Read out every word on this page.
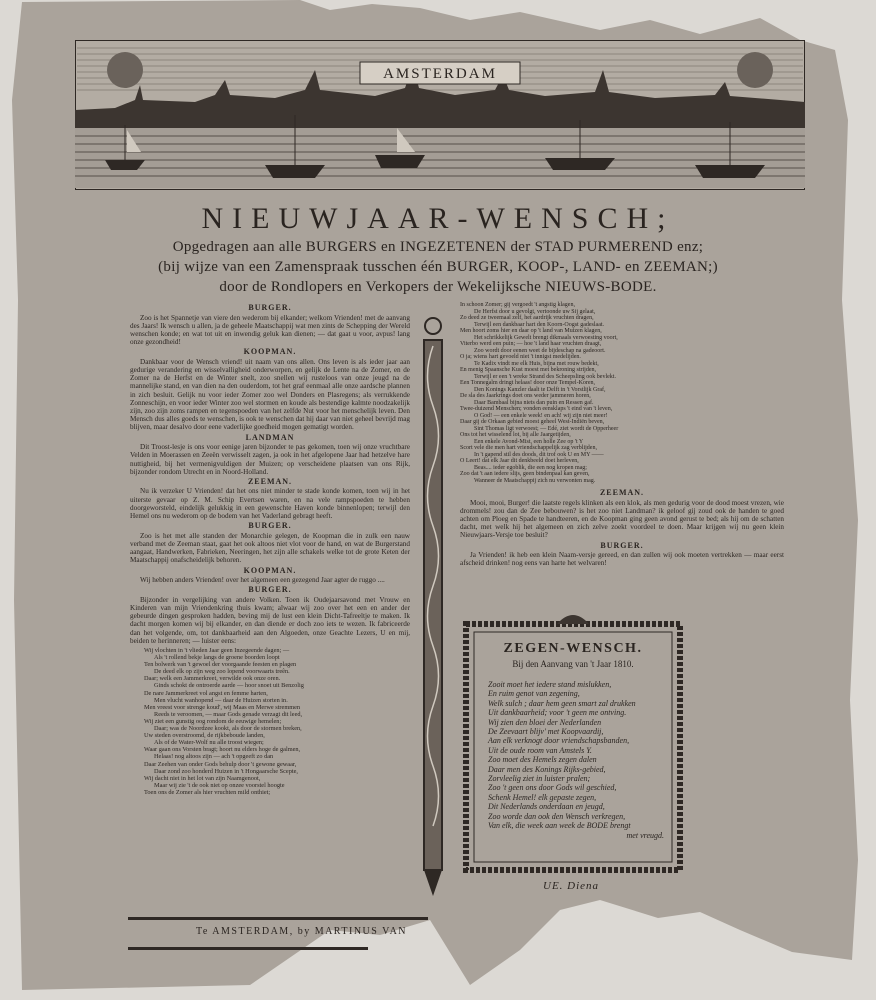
AMSTERDAM
NIEUWJAAR-WENSCH;
Opgedragen aan alle BURGERS en INGEZETENEN der STAD PURMEREND enz;
(bij wijze van een Zamenspraak tusschen één BURGER, KOOP-, LAND- en ZEEMAN;)
door de Rondlopers en Verkopers der Wekelijksche NIEUWS-BODE.
BURGER.

Zoo is het Spannetje van viere den wederom bij elkander; welkom Vrienden! met de aanvang des Jaars! Ik wensch u allen, ja de geheele Maatschappij wat men zints de Schepping der Wereld wenschen konde; en wat tot uit en inwendig geluk kan dienen; — dat gaat u voor, avpus! lang onze gezondheid!

KOOPMAN.

Dankbaar voor de Wensch vriend! uit naam van ons allen. Ons leven is als ieder jaar aan gedurige verandering en wisselvalligheid onderworpen, en gelijk de Lente na de Zomer, en de Zomer na de Herfst en de Winter snelt, zoo snellen wij rusteloos van onze jeugd na de mannelijke stand, en van dien na den ouderdom, tot het graf eenmaal alle onze aardsche plannen in zich besluit. Gelijk nu voor ieder Zomer zoo wel Donders en Plasregens; als verrukkende Zonneschijn, en voor ieder Winter zoo wel stormen en koude als bestendige kalmte noodzakelijk zijn, zoo zijn zoms rampen en tegenspoeden van het zelfde Nut voor het menschelijk leven. Den Mensch dus alles goeds te wenschen, is ook te wenschen dat hij daar van niet geheel bevrijd mag blijven, maar desalvo door eene vaderlijke goedheid mogen gematigt worden.

LANDMAN

Dit Troost-lesje is ons voor eenige jaren bijzonder te pas gekomen, toen wij onze vruchtbare Velden in Moerassen en Zeeën verwisselt zagen, ja ook in het afgelopene Jaar had hetzelve hare nuttigheid, bij het vermenigvuldigen der Muizen; op verscheidene plaatsen van ons Rijk, bijzonder rondom Utrecht en in Noord-Holland.

ZEEMAN.

Nu ik verzeker U Vrienden! dat het ons niet minder te stade konde komen, toen wij in het uiterste gevaar op Z. M. Schip Evertsen waren, en na vele rampspoeden te hebben doorgeworsteld, eindelijk gelukkig in een gewenschte Haven konde binnenlopen; terwijl den Hemel ons nu wederom op de bodem van het Vaderland gebragt heeft.

BURGER.

Zoo is het met alle standen der Monarchie gelegen, de Koopman die in zulk een nauw verband met de Zeeman staat, gaat het ook altoos niet vlot voor de hand, en wat de Burgerstand aangaat, Handwerken, Fabrieken, Neeringen, het zijn alle schakels welke tot de grote Keten der Maatschappij onafscheidelijk behoren.

KOOPMAN.

Wij hebben anders Vrienden! over het algemeen een gezegend Jaar agter de ruggo ....

BURGER.

Bijzonder in vergelijking van andere Volken. Toen ik Oudejaarsavond met Vrouw en Kinderen van mijn Vriendenkring thuis kwam; alwaar wij zoo over het een en ander der gebeurde dingen gesproken hadden, beving mij de lust een klein Dicht-Tafreeltje te maken. Ik dacht morgen komen wij bij elkander, en dan diende er doch zoo iets te wezen. Ik fabriceerde dan het volgende, om, tot dankbaarheid aan den Algoeden, onze Geachte Lezers, U en mij, beiden te herinneren; — luister eens:

Wij vlochten in 't vlieden Jaar geen Inzegeende dagen; —
Als 't rollend bekje langs de groene boorden loopt
Ten bolwerk van 't gewoel der voorgaande feesten en plagen
De deed elk op zijn weg zoo lopend voorwaarts treên.
Daar; welk een Jammerkreet, verwilde ook onze oren.
Ginds schokt de ontroerde aarde — hoor snoet uit Benzolig
De nare Jammerkreet vol angst en femme harten,
Men vlucht wanhopend — daar de Huizen storten in.
Men vreest voor strenge koud', wij Maas en Merwe stremmen
Reeds te veroomen, — maar Gods genade verzagt dit leed,
Wij ziet een gunstig oog rondom de eeuwige hemelen;
Daar; was de Noordzee kookt, als door de stormen breken,
Uw steden overstroomd, de rijkbeboude landen,
Als of de Water-Wolf nu alle troost wiegen;
Waar gaan ons Vorsten bragt; hoort nu elders hoge de galmen,
Helaas! nog altoos zijn — ach 't opgeeft zo dan
Daar Zeehen van onder Gods behulp door 't gewone gewaar,
Daar zond zoo honderd Huizen in 't Hongaarsche Scepte,
Wij dacht niet in het lot van zijn Naamgenoot,
Maar wij zie 't de ook niet op onzee voorstel hoogte
Toen ons de Zomer als hier vruchten mild onthiet;
In schoon Zomer; gij vergoedt 't angstig klagen,
De Herfst door u gevolgt, vertoonde uw Sij gelaat,
Zo deed ze tweemaal zelf, het aardrijk vruchten dragen,
Terwijl een dankbaar hart den Koorn-Oogst gadeslaat.
Men hoort zoms hier en daar op 't land van Muizen klagen,
Het schrikkelijk Gewelt brengt dikmaals verwoesting voort,
Viterbo werd een puin; — hoe 't land haar vruchten draagt,
Zoo wordt door eenen weet de bijdeschap na gadeoort.
O ja; wiens hart gevoeld niet 't innigst medelijden.
Te Kadix vindt me elk Huis, bijna met rouw bedekt,
En menig Spaansche Kust moest met bekroning strijden,
Terwijl er een 't wreke Strand des Scheepsling ook bevlekt.
Een Tonnegalm dringt helaas! door onze Tempel-Koren,
Den Konings Kanzler daalt te Delft in 't Vorstlijk Graf,
De sla des Jaarkrings doet ons weder jammeren horen,
Daar Bambaal bijna niets dan puin en Ressen gaf.
Twee-duizend Menschen; vonden eensklaps 't eind van 't leven,
O God! — een enkele week! en ach! wij zijn niet meer!
Daar gij de Orkaan gebied moest geheel West-Indiën beven,
Sint Thomas ligt verwoest; — Edé, ziet wordt de Opperheer
Ons tot het wisselend lot, bij alle Jaargetijden,
Een enkele Avond-Mist, een holle Zee op 't Y
Scort vele die men hart vriendschappelijk zag verblijden,
In 't gapend stil des doods, dit trof ook U en MY ——
O Leert! dat elk Jaar dit denkbeeld doet herleven,
Beas.... ieder egoblik, die een nog kropen mag;
Zoo dat 't aan iedere slijs, geen bindenpaal kan geven,
Wanneer de Maatschappij zich nu verwonten mag.
ZEEMAN.

Mooi, mooi, Burger! die laatste regels klinken als een klok, als men gedurig voor de dood moest vrezen, wie drommels! zou dan de Zee bebouwen? is het zoo niet Landman? ik geloof gij zoud ook de handen te goed achten om Ploeg en Spade te handteeren, en de Koopman ging geen avond gerust te bed; als hij om de schatten dacht, met welk hij het algemeen en zich zelve zoekt voordeel te doen. Maar krijgen wij nu geen klein Nieuwjaars-Versje toe besluit?

BURGER.

Ja Vrienden! ik heb een klein Naam-versje gereed, en dan zullen wij ook moeten vertrekken — maar eerst afscheid drinken! nog eens van harte het welvaren!

ZEGEN-WENSCH.
Bij den Aanvang van 't Jaar 1810.
Zooit moet het iedere stand mislukken,
En ruim genot van zegening,
Welk sulch ; daar hem geen smart zal drukken
Uit dankbaarheid; voor 't geen me ontving.
Wij zien den bloei der Nederlanden
De Zeevaart blijv' met Koopvaardij,
Aan elk verknogt door vriendschapsbanden,
Uit de oude room van Amstels Y.
Zoo moet des Hemels zegen dalen
Daar men des Konings Rijks-gebied,
Zorvleelig ziet in luister pralen;
Zoo 't geen ons door Gods wil geschied,
Schenk Hemel! elk gepaste zegen,
Dit Nederlands onderdaan en jeugd,
Zoo worde dan ook den Wensch verkregen,
Van elk, die week aan week de BODE brengt
met vreugd.
UE. Diena
Te AMSTERDAM, by MARTINUS VAN
